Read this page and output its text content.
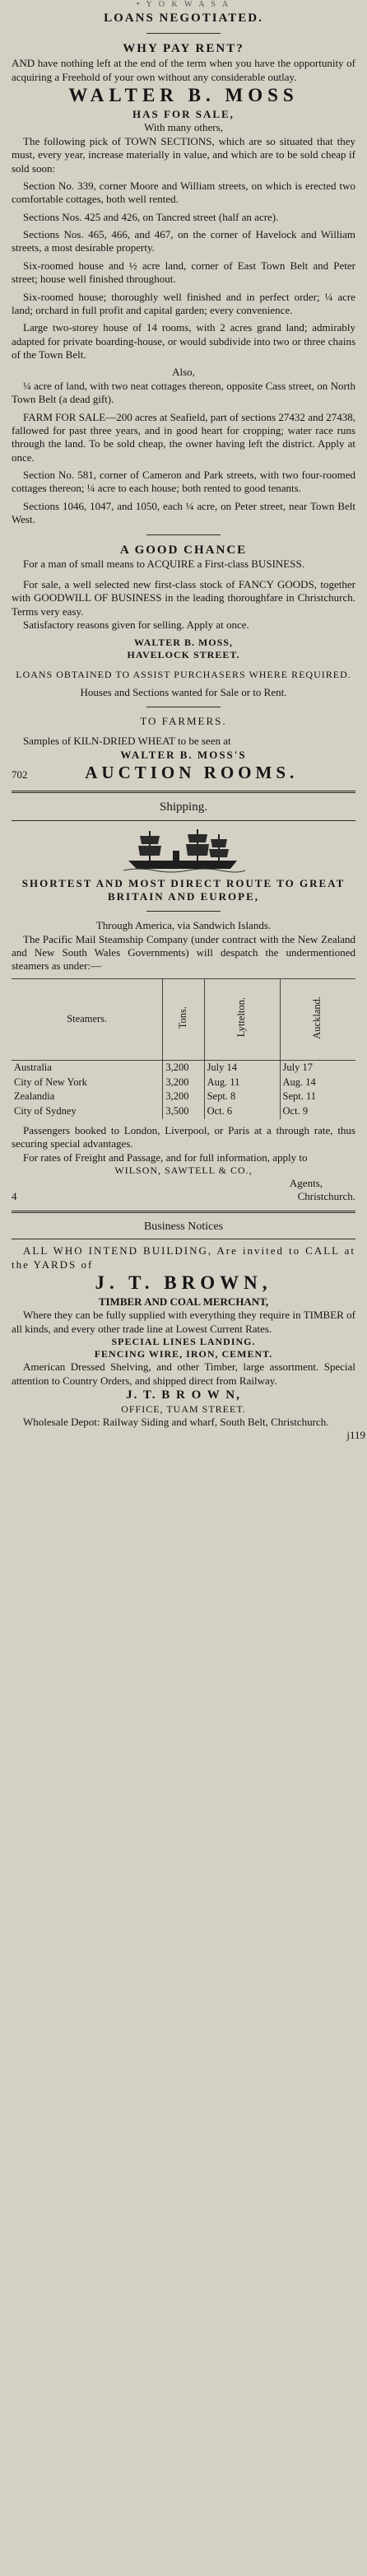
• Y O K W A S A

LOANS NEGOTIATED.

WHY PAY RENT?

AND have nothing left at the end of the term when you have the opportunity of acquiring a Freehold of your own without any considerable outlay.

WALTER B. MOSS

HAS FOR SALE,

With many others,

The following pick of TOWN SECTIONS, which are so situated that they must, every year, increase materially in value, and which are to be sold cheap if sold soon:

Section No. 339, corner Moore and William streets, on which is erected two comfortable cottages, both well rented.

Sections Nos. 425 and 426, on Tancred street (half an acre).

Sections Nos. 465, 466, and 467, on the corner of Havelock and William streets, a most desirable property.

Six-roomed house and ½ acre land, corner of East Town Belt and Peter street; house well finished throughout.

Six-roomed house; thoroughly well finished and in perfect order; ¼ acre land; orchard in full profit and capital garden; every convenience.

Large two-storey house of 14 rooms, with 2 acres grand land; admirably adapted for private boarding-house, or would subdivide into two or three chains of the Town Belt.

Also,

¼ acre of land, with two neat cottages thereon, opposite Cass street, on North Town Belt (a dead gift).

FARM FOR SALE—200 acres at Seafield, part of sections 27432 and 27438, fallowed for past three years, and in good heart for cropping; water race runs through the land. To be sold cheap, the owner having left the district. Apply at once.

Section No. 581, corner of Cameron and Park streets, with two four-roomed cottages thereon; ¼ acre to each house; both rented to good tenants.

Sections 1046, 1047, and 1050, each ¼ acre, on Peter street, near Town Belt West.

A GOOD CHANCE

For a man of small means to ACQUIRE a First-class BUSINESS.

For sale, a well selected new first-class stock of FANCY GOODS, together with GOODWILL OF BUSINESS in the leading thoroughfare in Christchurch. Terms very easy.

Satisfactory reasons given for selling. Apply at once.

WALTER B. MOSS,

HAVELOCK STREET.

LOANS OBTAINED TO ASSIST PURCHASERS WHERE REQUIRED.

Houses and Sections wanted for Sale or to Rent.

TO FARMERS.

Samples of KILN-DRIED WHEAT to be seen at

WALTER B. MOSS'S

702	AUCTION ROOMS.

Shipping.

SHORTEST AND MOST DIRECT ROUTE TO GREAT BRITAIN AND EUROPE,

Through America, via Sandwich Islands.

The Pacific Mail Steamship Company (under contract with the New Zealand and New South Wales Governments) will despatch the undermentioned steamers as under:—

Steamers.	Tons.	Lyttelton.	Auckland.
Australia	3,200	July 14	July 17
City of New York	3,200	Aug. 11	Aug. 14
Zealandia	3,200	Sept. 8	Sept. 11
City of Sydney	3,500	Oct. 6	Oct. 9

Passengers booked to London, Liverpool, or Paris at a through rate, thus securing special advantages.

For rates of Freight and Passage, and for full information, apply to

WILSON, SAWTELL & CO.,

Agents,

4	Christchurch.

Business Notices

ALL WHO INTEND BUILDING, Are invited to CALL at the YARDS of

J. T. BROWN,

TIMBER AND COAL MERCHANT,

Where they can be fully supplied with everything they require in TIMBER of all kinds, and every other trade line at Lowest Current Rates.

SPECIAL LINES LANDING.

FENCING WIRE, IRON, CEMENT.

American Dressed Shelving, and other Timber, large assortment. Special attention to Country Orders, and shipped direct from Railway.

J. T. B R O W N,

OFFICE, TUAM STREET.

Wholesale Depot: Railway Siding and wharf, South Belt, Christchurch.

j119
